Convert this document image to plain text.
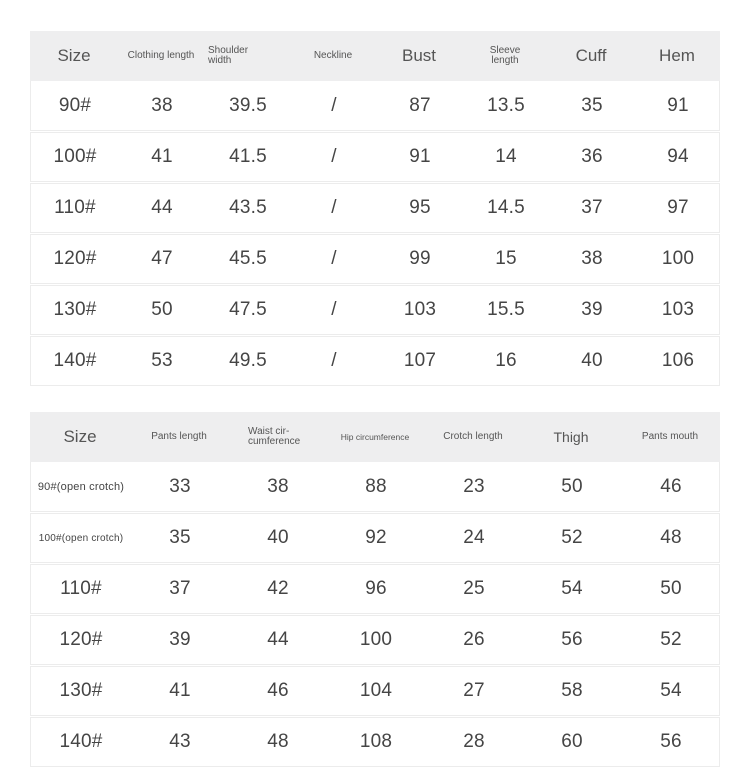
Size	Clothing length	Shoulder width	Neckline	Bust	Sleeve length	Cuff	Hem
90#	38	39.5	/	87	13.5	35	91
100#	41	41.5	/	91	14	36	94
110#	44	43.5	/	95	14.5	37	97
120#	47	45.5	/	99	15	38	100
130#	50	47.5	/	103	15.5	39	103
140#	53	49.5	/	107	16	40	106
Size	Pants length	Waist cir-cumference	Hip circumference	Crotch length	Thigh	Pants mouth
90#(open crotch)	33	38	88	23	50	46
100#(open crotch)	35	40	92	24	52	48
110#	37	42	96	25	54	50
120#	39	44	100	26	56	52
130#	41	46	104	27	58	54
140#	43	48	108	28	60	56
